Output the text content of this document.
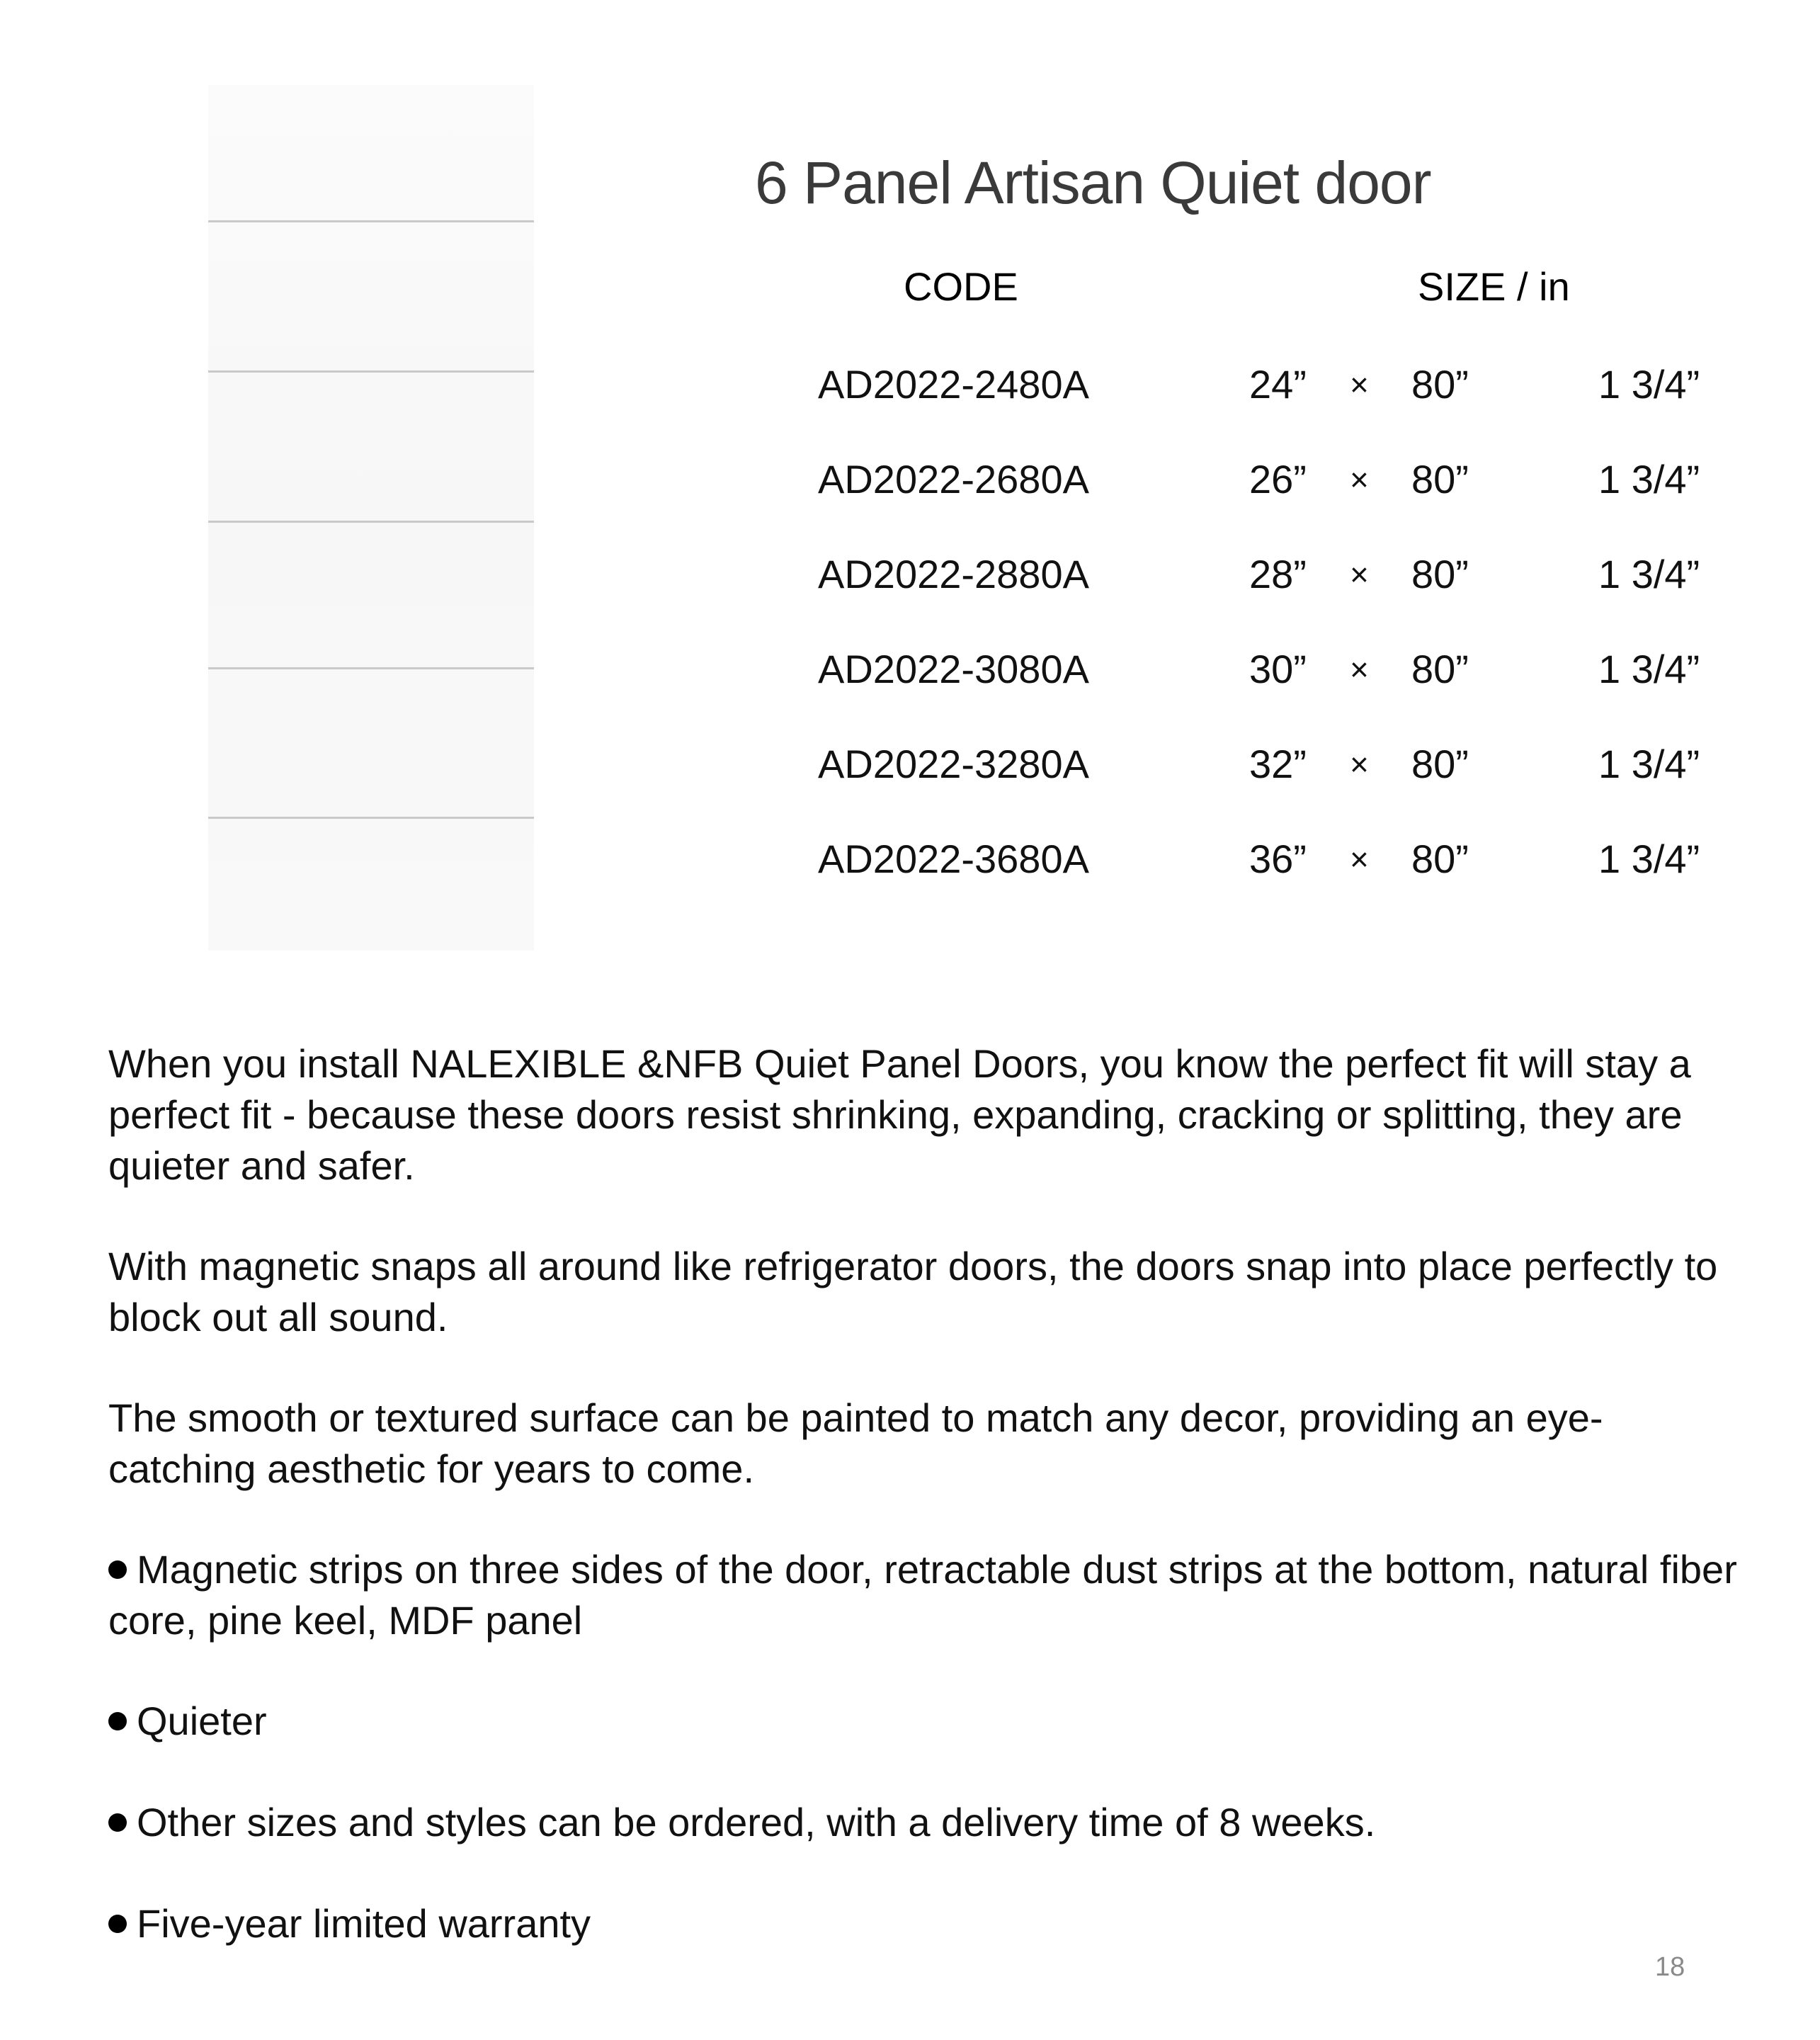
6 Panel Artisan Quiet door
CODE	SIZE / in
AD2022-2480A	24” × 80”	1 3/4”
AD2022-2680A	26” × 80”	1 3/4”
AD2022-2880A	28” × 80”	1 3/4”
AD2022-3080A	30” × 80”	1 3/4”
AD2022-3280A	32” × 80”	1 3/4”
AD2022-3680A	36” × 80”	1 3/4”

When you install NALEXIBLE &NFB Quiet Panel Doors, you know the perfect fit will stay a perfect fit - because these doors resist shrinking, expanding, cracking or splitting, they are quieter and safer.

With magnetic snaps all around like refrigerator doors, the doors snap into place perfectly to block out all sound.

The smooth or textured surface can be painted to match any decor, providing an eye-catching aesthetic for years to come.

Magnetic strips on three sides of the door, retractable dust strips at the bottom, natural fiber core, pine keel, MDF panel

Quieter

Other sizes and styles can be ordered, with a delivery time of 8 weeks.

Five-year limited warranty

18
